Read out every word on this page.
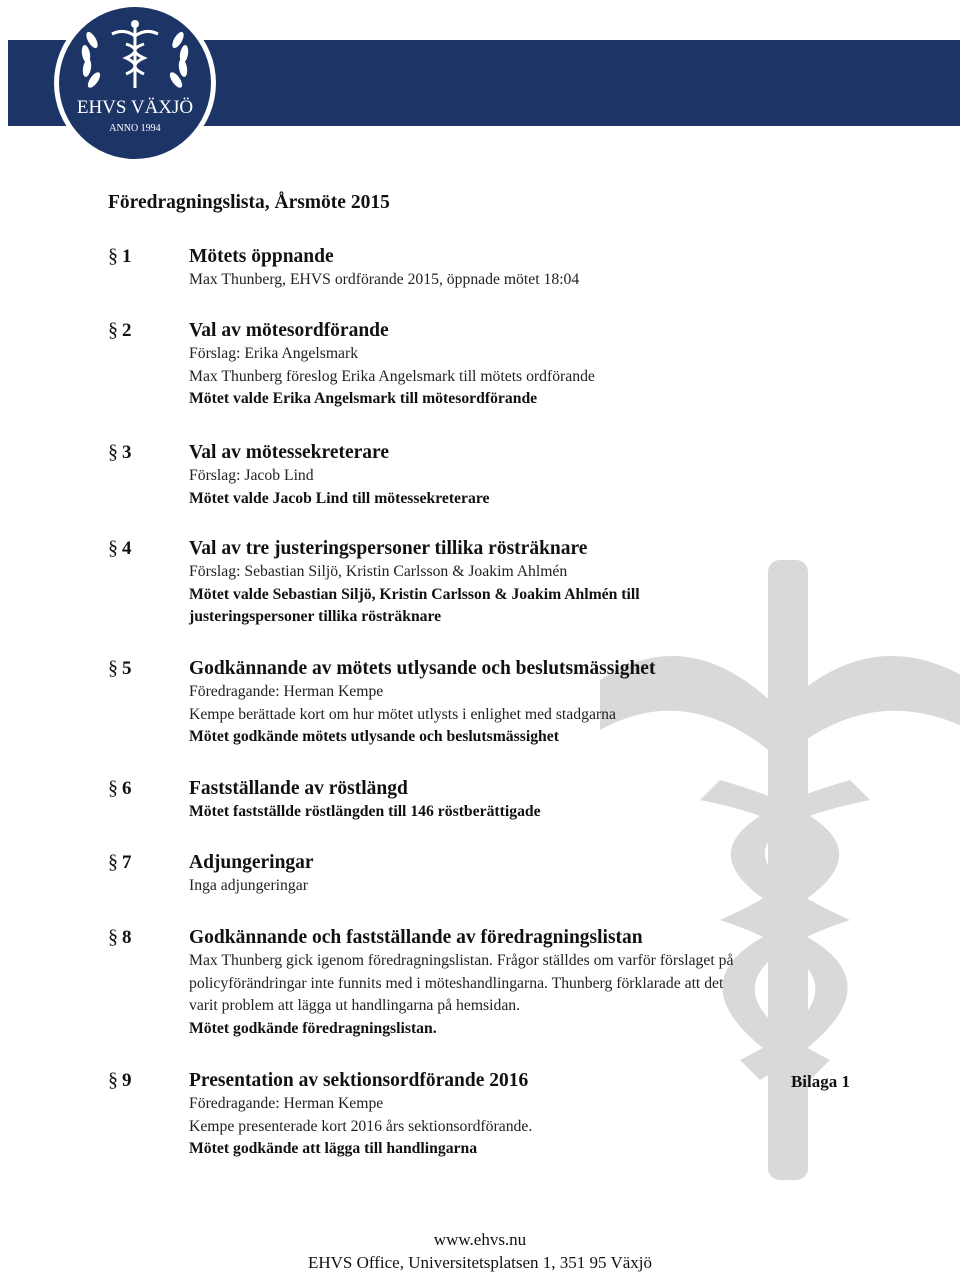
EHVS VÄXJÖ
ANNO 1994
Föredragningslista, Årsmöte 2015
§ 1	Mötets öppnande
Max Thunberg, EHVS ordförande 2015, öppnade mötet 18:04
§ 2	Val av mötesordförande
Förslag: Erika Angelsmark
Max Thunberg föreslog Erika Angelsmark till mötets ordförande
Mötet valde Erika Angelsmark till mötesordförande
§ 3	Val av mötessekreterare
Förslag: Jacob Lind
Mötet valde Jacob Lind till mötessekreterare
§ 4	Val av tre justeringspersoner tillika rösträknare
Förslag: Sebastian Siljö, Kristin Carlsson & Joakim Ahlmén
Mötet valde Sebastian Siljö, Kristin Carlsson & Joakim Ahlmén till
justeringspersoner tillika rösträknare
§ 5	Godkännande av mötets utlysande och beslutsmässighet
Föredragande: Herman Kempe
Kempe berättade kort om hur mötet utlysts i enlighet med stadgarna
Mötet godkände mötets utlysande och beslutsmässighet
§ 6	Fastställande av röstlängd
Mötet fastställde röstlängden till 146 röstberättigade
§ 7	Adjungeringar
Inga adjungeringar
§ 8	Godkännande och fastställande av föredragningslistan
Max Thunberg gick igenom föredragningslistan. Frågor ställdes om varför förslaget på
policyförändringar inte funnits med i möteshandlingarna. Thunberg förklarade att det
varit problem att lägga ut handlingarna på hemsidan.
Mötet godkände föredragningslistan.
§ 9	Presentation av sektionsordförande 2016
Föredragande: Herman Kempe
Kempe presenterade kort 2016 års sektionsordförande.
Mötet godkände att lägga till handlingarna
Bilaga 1
www.ehvs.nu
EHVS Office, Universitetsplatsen 1, 351 95 Växjö
